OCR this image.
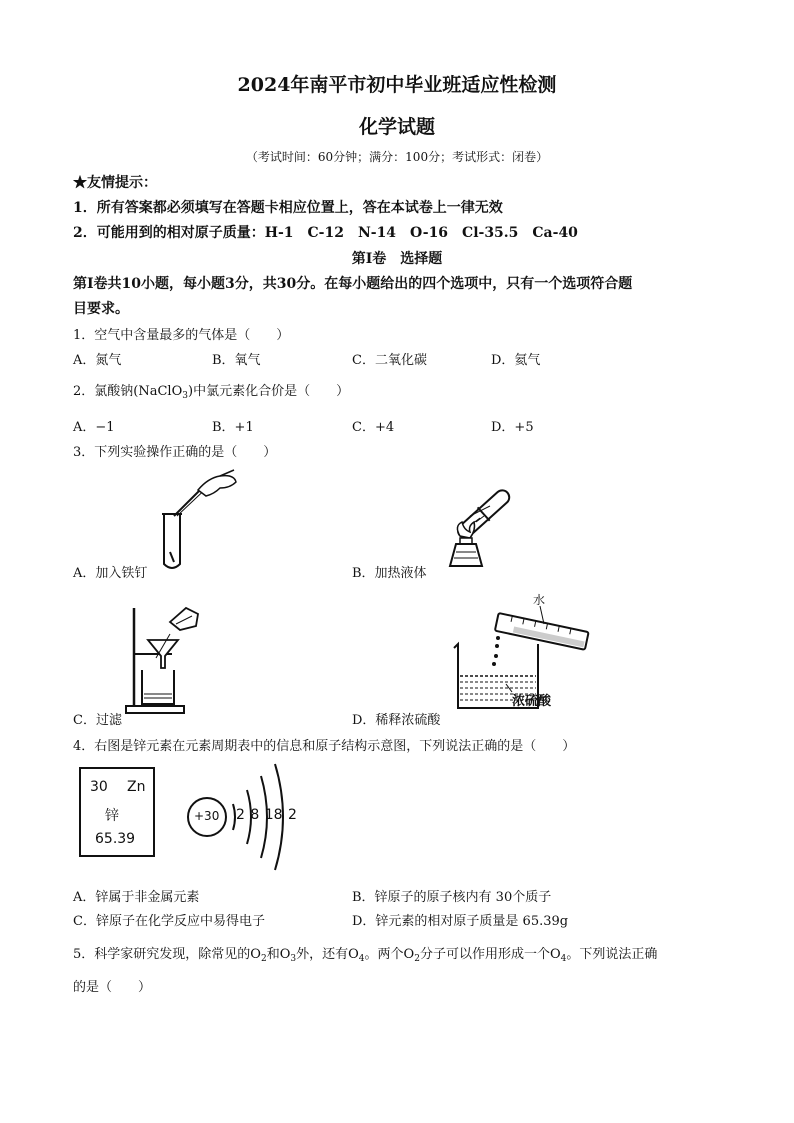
2024年南平市初中毕业班适应性检测
化学试题
（考试时间：60分钟；满分：100分；考试形式：闭卷）
★友情提示：
1．所有答案都必须填写在答题卡相应位置上，答在本试卷上一律无效
2．可能用到的相对原子质量：H-1　C-12　N-14　O-16　Cl-35.5　Ca-40
第Ⅰ卷　选择题
第Ⅰ卷共10小题，每小题3分，共30分。在每小题给出的四个选项中，只有一个选项符合题
目要求。
1．空气中含量最多的气体是（　　）
A．氮气	B．氧气	C．二氧化碳	D．氦气
2．氯酸钠(NaClO$_3$)中氯元素化合价是（　　）
A．−1	B．+1	C．+4	D．+5
3．下列实验操作正确的是（　　）
A．加入铁钉	B．加热液体
C．过滤
水
浓硫酸
D．稀释浓硫酸
4．右图是锌元素在元素周期表中的信息和原子结构示意图，下列说法正确的是（　　）
30 Zn
锌
65.39
+30 2 8 18 2
A．锌属于非金属元素	B．锌原子的原子核内有 30个质子
C．锌原子在化学反应中易得电子	D．锌元素的相对原子质量是 65.39g
5．科学家研究发现，除常见的$O_2$和$O_3$外，还有$O_4$。两个$O_2$分子可以作用形成一个$O_4$。下列说法正确
的是（　　）
